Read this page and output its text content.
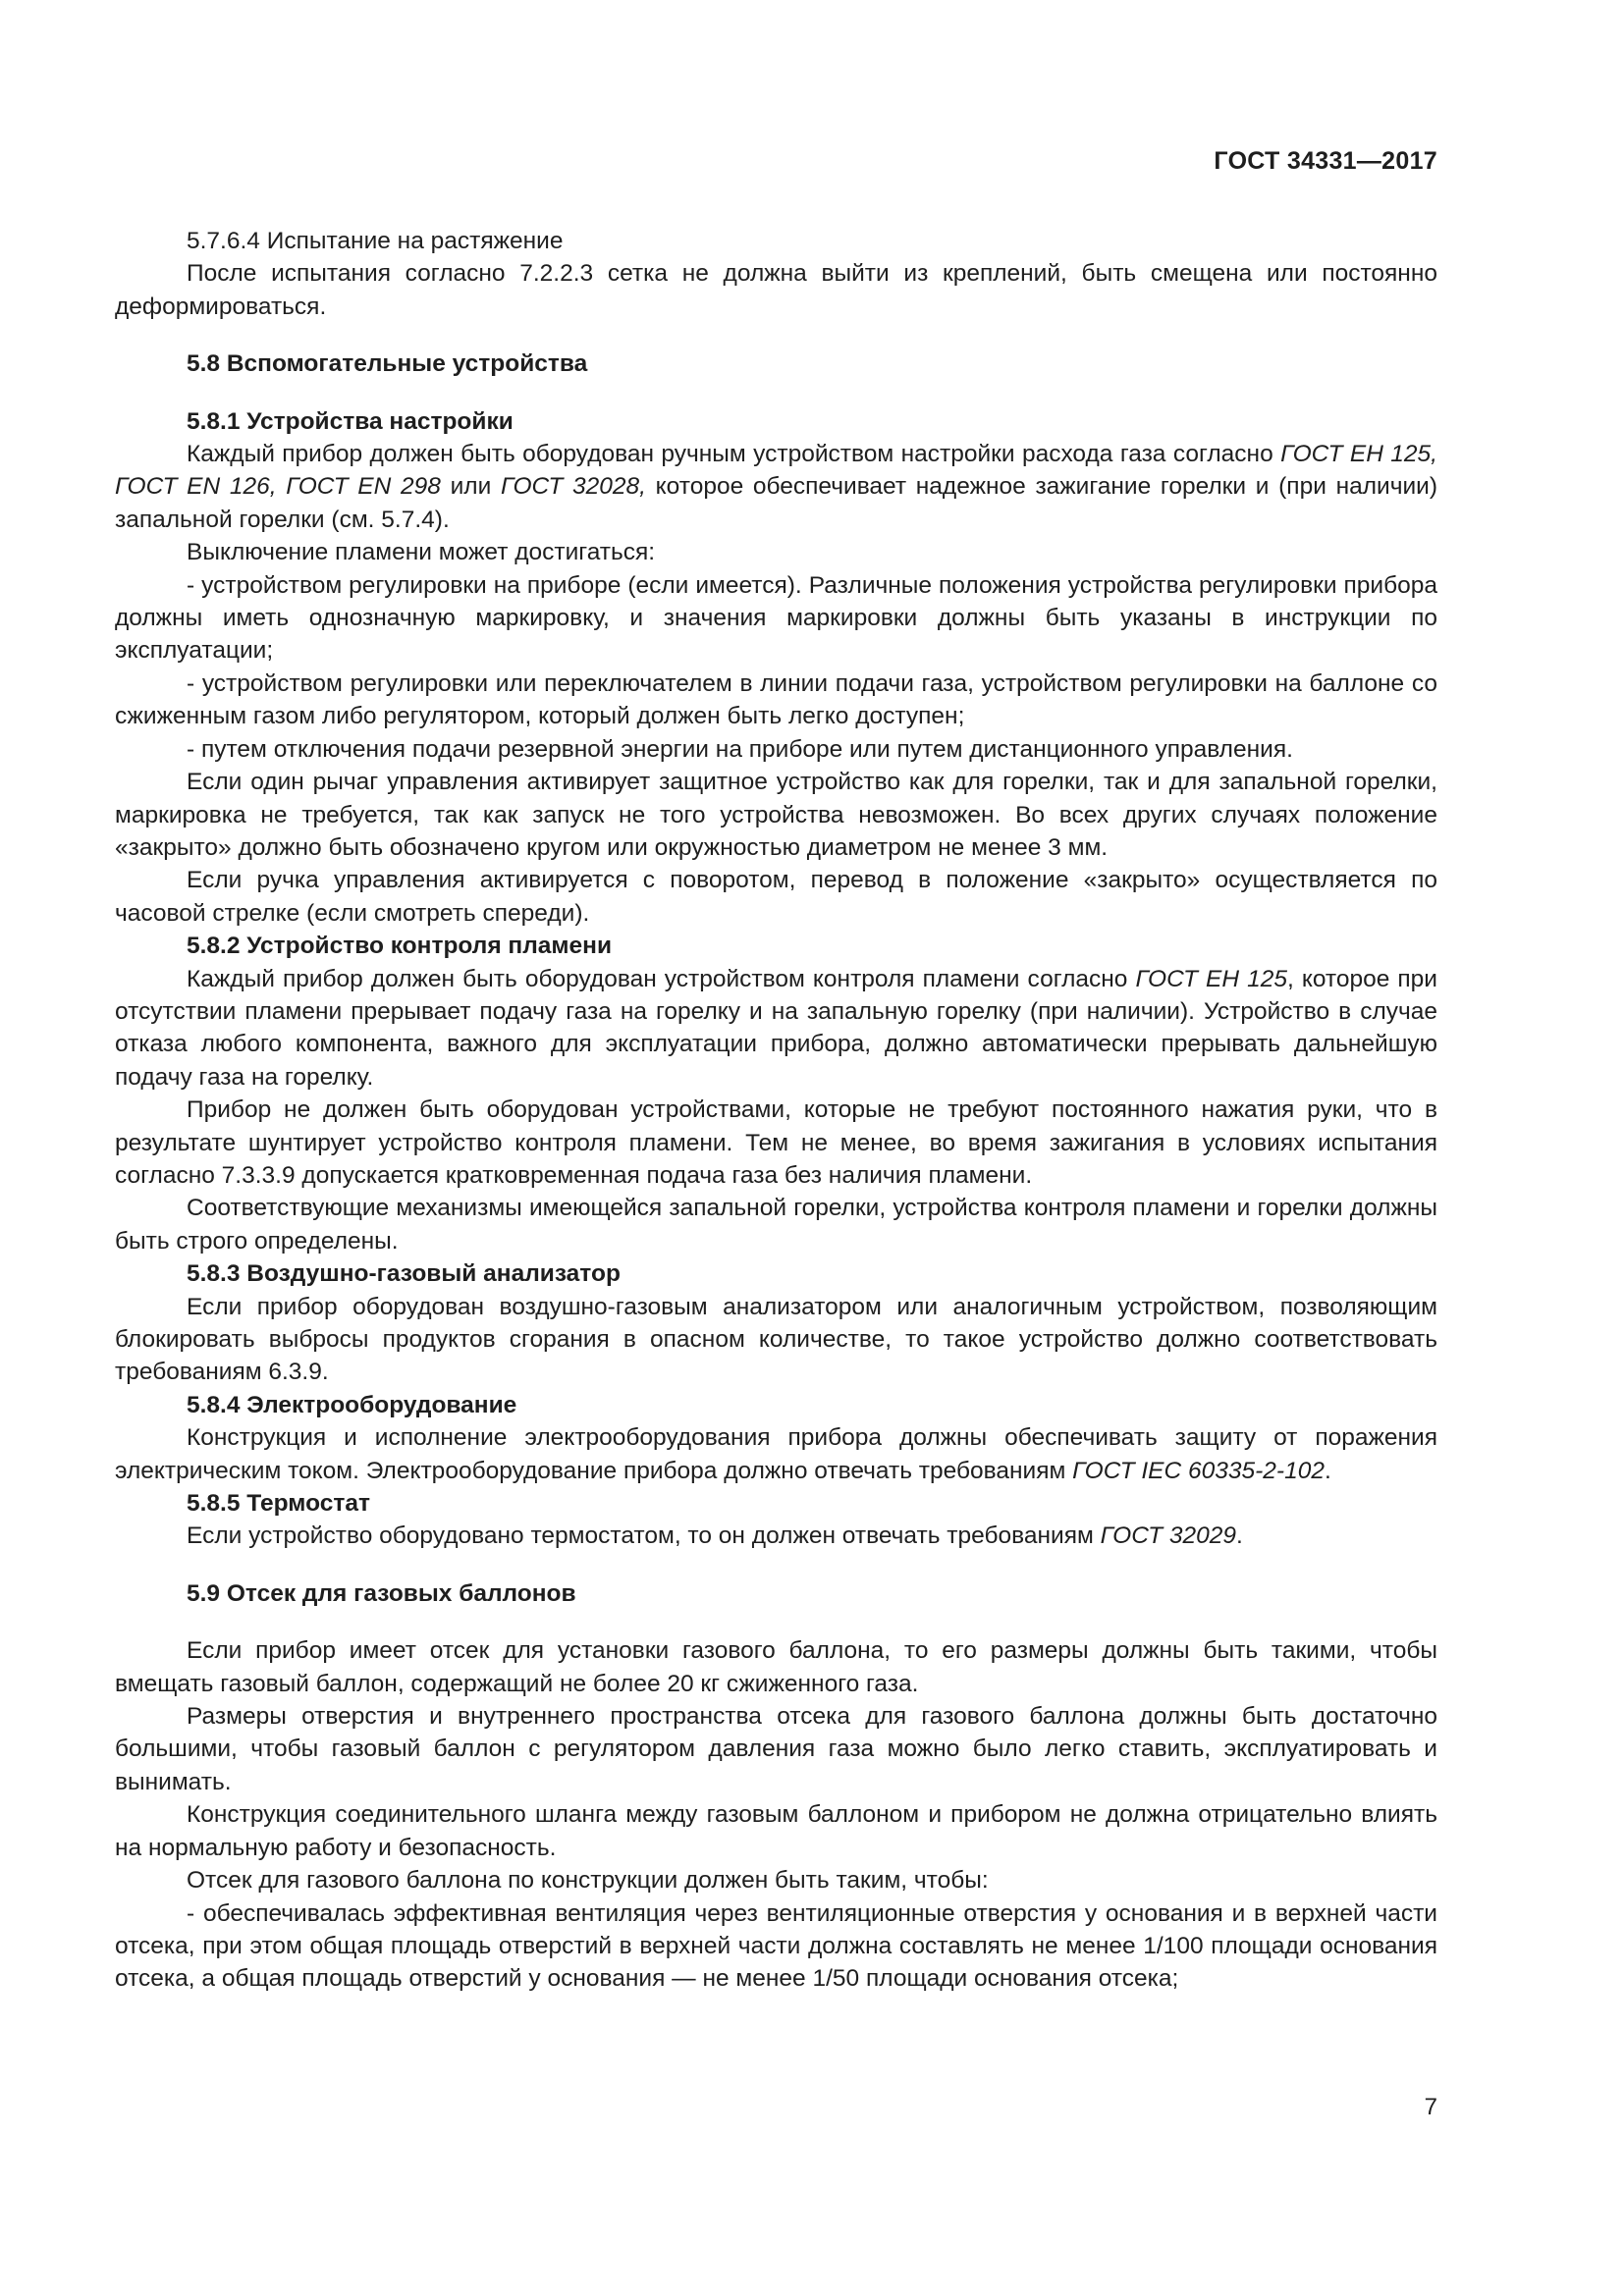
ГОСТ 34331—2017

5.7.6.4 Испытание на растяжение

После испытания согласно 7.2.2.3 сетка не должна выйти из креплений, быть смещена или постоянно деформироваться.

5.8 Вспомогательные устройства

5.8.1 Устройства настройки

Каждый прибор должен быть оборудован ручным устройством настройки расхода газа согласно ГОСТ ЕН 125, ГОСТ EN 126, ГОСТ EN 298 или ГОСТ 32028, которое обеспечивает надежное зажигание горелки и (при наличии) запальной горелки (см. 5.7.4).

Выключение пламени может достигаться:

- устройством регулировки на приборе (если имеется). Различные положения устройства регулировки прибора должны иметь однозначную маркировку, и значения маркировки должны быть указаны в инструкции по эксплуатации;

- устройством регулировки или переключателем в линии подачи газа, устройством регулировки на баллоне со сжиженным газом либо регулятором, который должен быть легко доступен;

- путем отключения подачи резервной энергии на приборе или путем дистанционного управления.

Если один рычаг управления активирует защитное устройство как для горелки, так и для запальной горелки, маркировка не требуется, так как запуск не того устройства невозможен. Во всех других случаях положение «закрыто» должно быть обозначено кругом или окружностью диаметром не менее 3 мм.

Если ручка управления активируется с поворотом, перевод в положение «закрыто» осуществляется по часовой стрелке (если смотреть спереди).

5.8.2 Устройство контроля пламени

Каждый прибор должен быть оборудован устройством контроля пламени согласно ГОСТ ЕН 125, которое при отсутствии пламени прерывает подачу газа на горелку и на запальную горелку (при наличии). Устройство в случае отказа любого компонента, важного для эксплуатации прибора, должно автоматически прерывать дальнейшую подачу газа на горелку.

Прибор не должен быть оборудован устройствами, которые не требуют постоянного нажатия руки, что в результате шунтирует устройство контроля пламени. Тем не менее, во время зажигания в условиях испытания согласно 7.3.3.9 допускается кратковременная подача газа без наличия пламени.

Соответствующие механизмы имеющейся запальной горелки, устройства контроля пламени и горелки должны быть строго определены.

5.8.3 Воздушно-газовый анализатор

Если прибор оборудован воздушно-газовым анализатором или аналогичным устройством, позволяющим блокировать выбросы продуктов сгорания в опасном количестве, то такое устройство должно соответствовать требованиям 6.3.9.

5.8.4 Электрооборудование

Конструкция и исполнение электрооборудования прибора должны обеспечивать защиту от поражения электрическим током. Электрооборудование прибора должно отвечать требованиям ГОСТ IEC 60335-2-102.

5.8.5 Термостат

Если устройство оборудовано термостатом, то он должен отвечать требованиям ГОСТ 32029.

5.9 Отсек для газовых баллонов

Если прибор имеет отсек для установки газового баллона, то его размеры должны быть такими, чтобы вмещать газовый баллон, содержащий не более 20 кг сжиженного газа.

Размеры отверстия и внутреннего пространства отсека для газового баллона должны быть достаточно большими, чтобы газовый баллон с регулятором давления газа можно было легко ставить, эксплуатировать и вынимать.

Конструкция соединительного шланга между газовым баллоном и прибором не должна отрицательно влиять на нормальную работу и безопасность.

Отсек для газового баллона по конструкции должен быть таким, чтобы:

- обеспечивалась эффективная вентиляция через вентиляционные отверстия у основания и в верхней части отсека, при этом общая площадь отверстий в верхней части должна составлять не менее 1/100 площади основания отсека, а общая площадь отверстий у основания — не менее 1/50 площади основания отсека;

7
